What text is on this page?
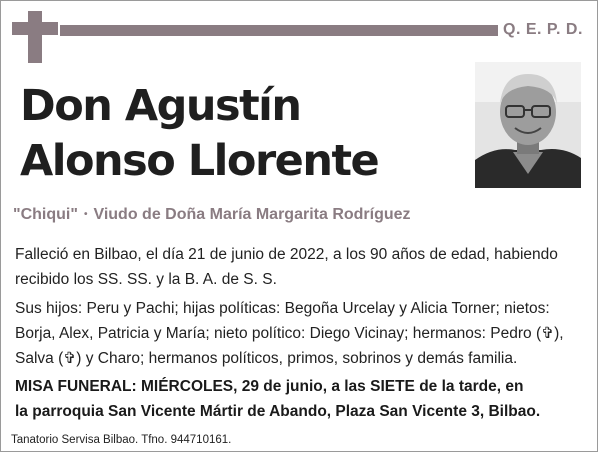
Q. E. P. D.
Don Agustín
Alonso Llorente
"Chiqui" • Viudo de Doña María Margarita Rodríguez
Falleció en Bilbao, el día 21 de junio de 2022, a los 90 años de edad, habiendo recibido los SS. SS. y la B. A. de S. S.
Sus hijos: Peru y Pachi; hijas políticas: Begoña Urcelay y Alicia Torner; nietos: Borja, Alex, Patricia y María; nieto político: Diego Vicinay; hermanos: Pedro (✞), Salva (✞) y Charo; hermanos políticos, primos, sobrinos y demás familia.
MISA FUNERAL: MIÉRCOLES, 29 de junio, a las SIETE de la tarde, en
la parroquia San Vicente Mártir de Abando, Plaza San Vicente 3, Bilbao.
Tanatorio Servisa Bilbao. Tfno. 944710161.
